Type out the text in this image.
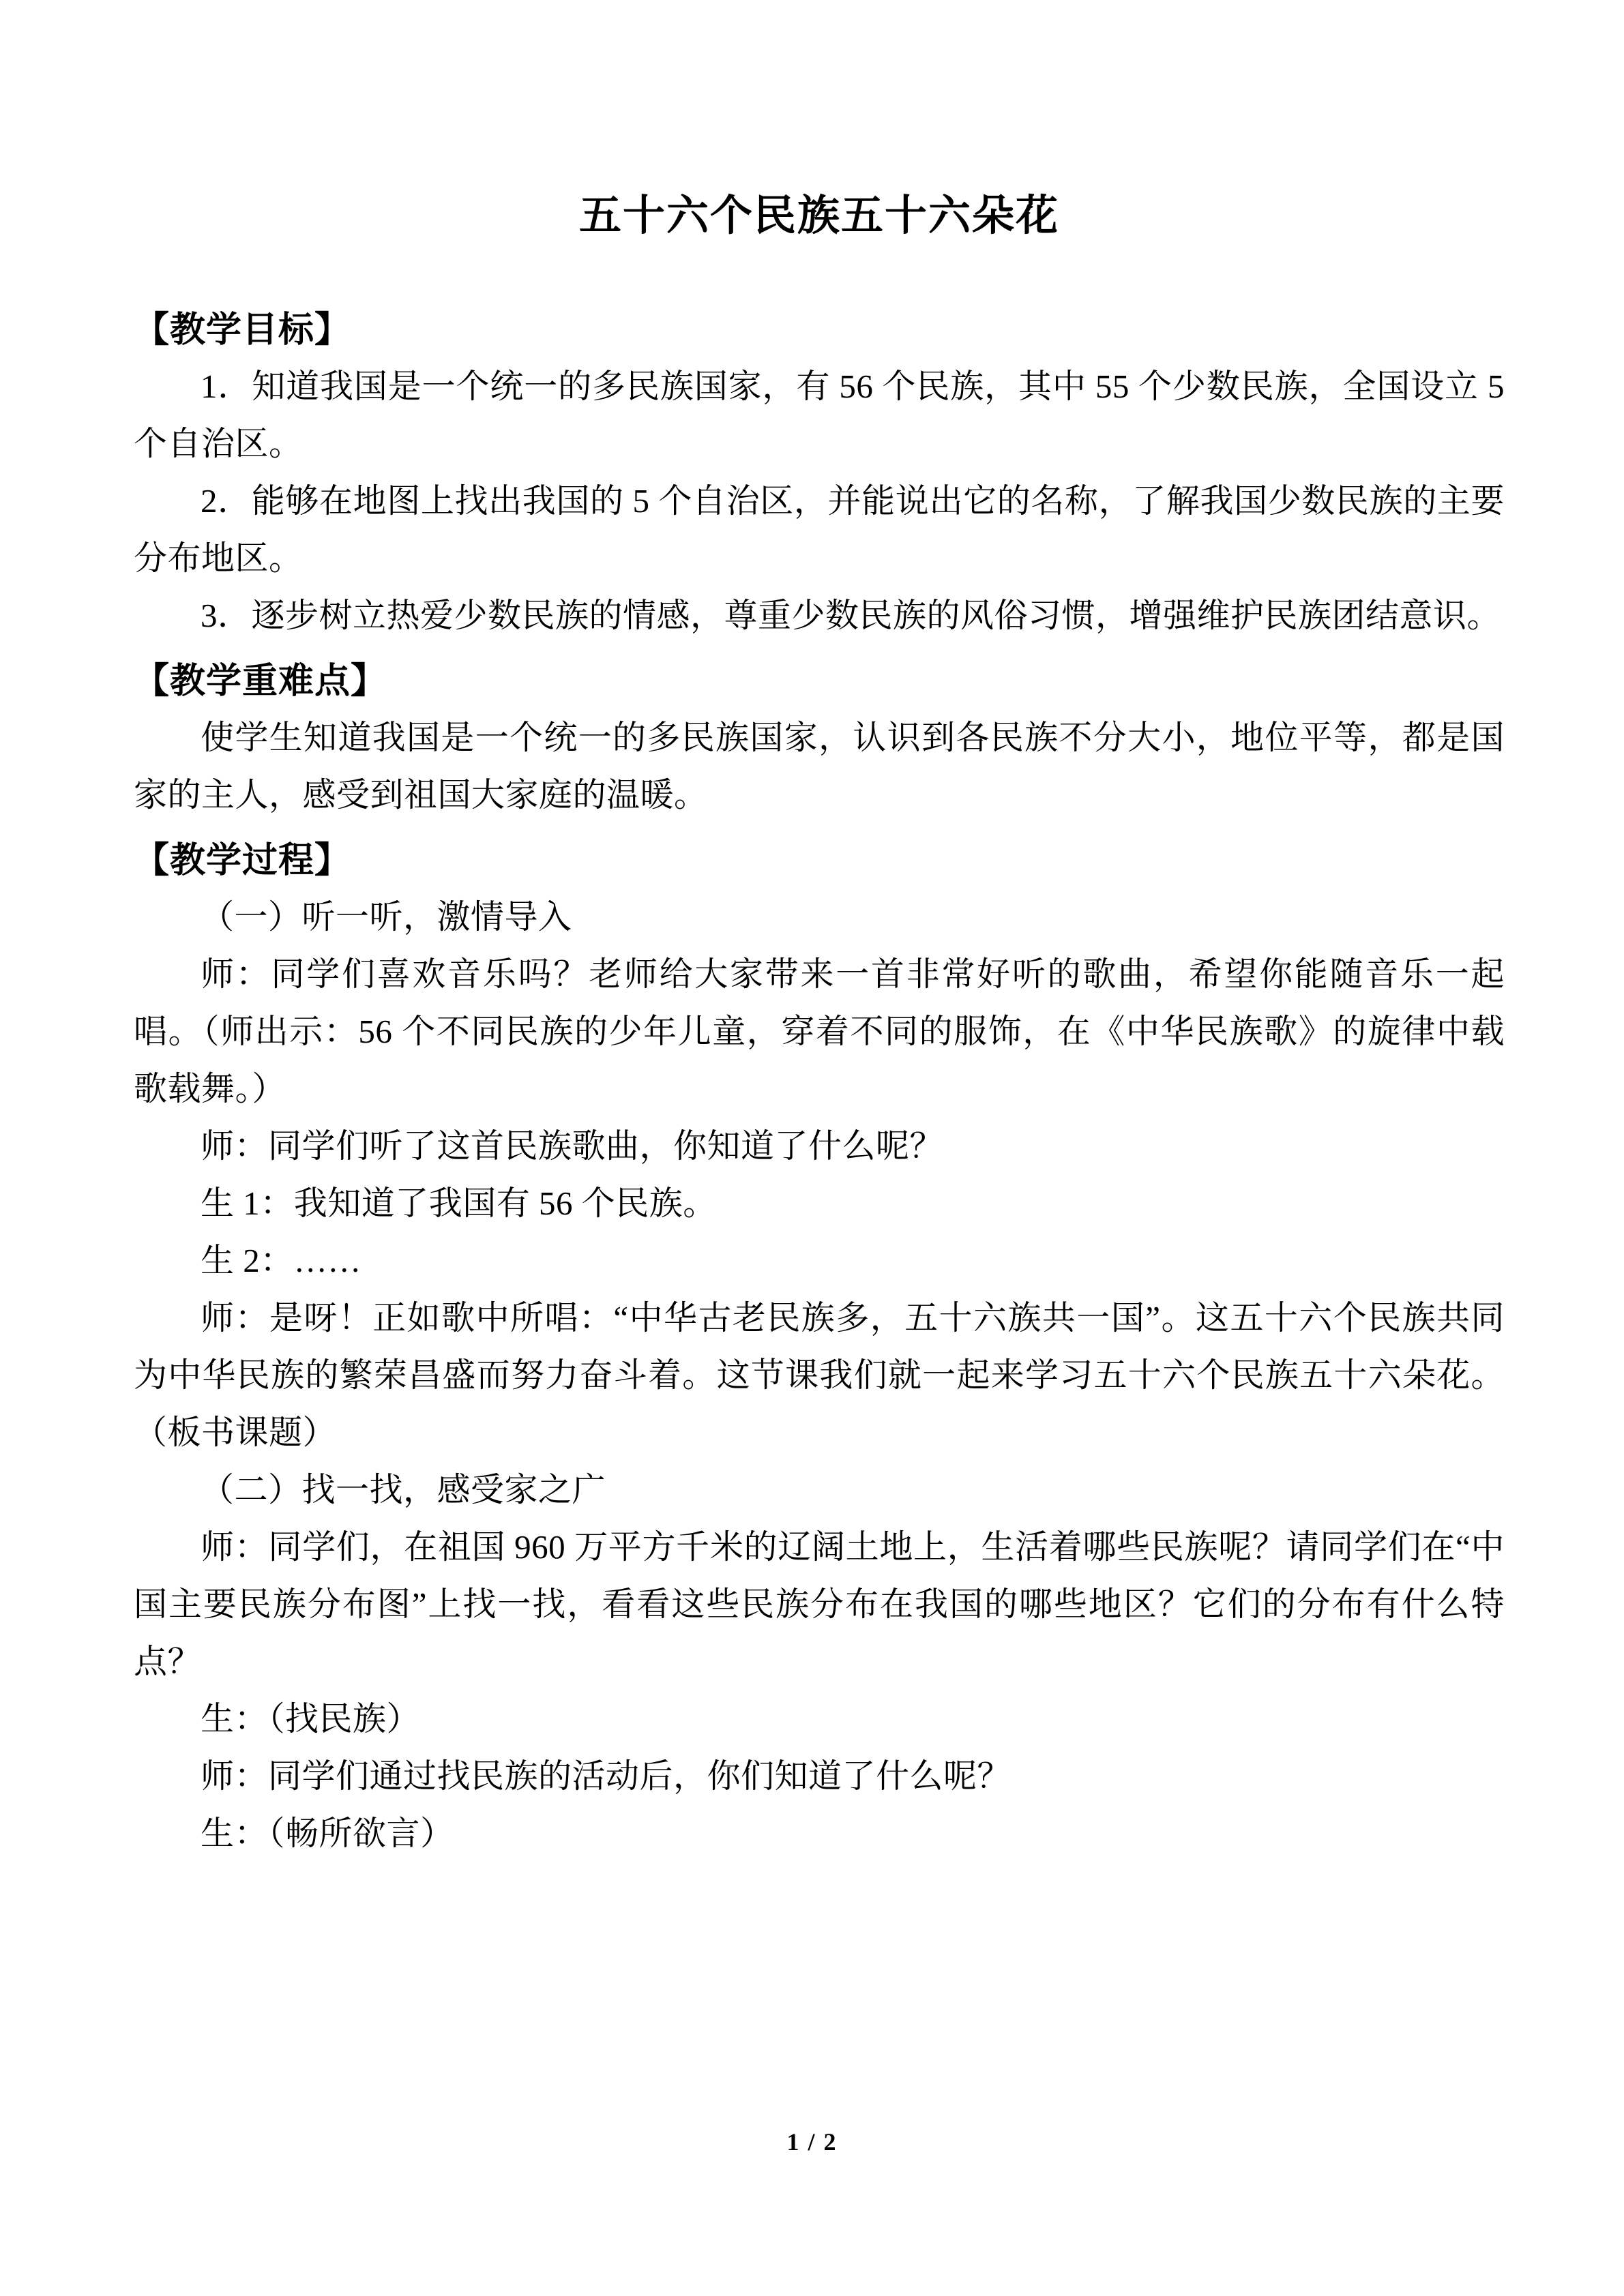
五十六个民族五十六朵花
【教学目标】

1．知道我国是一个统一的多民族国家，有 56 个民族，其中 55 个少数民族，全国设立 5 个自治区。

2．能够在地图上找出我国的 5 个自治区，并能说出它的名称，了解我国少数民族的主要分布地区。

3．逐步树立热爱少数民族的情感，尊重少数民族的风俗习惯，增强维护民族团结意识。

【教学重难点】

使学生知道我国是一个统一的多民族国家，认识到各民族不分大小，地位平等，都是国家的主人，感受到祖国大家庭的温暖。

【教学过程】

（一）听一听，激情导入

师：同学们喜欢音乐吗？老师给大家带来一首非常好听的歌曲，希望你能随音乐一起唱。（师出示：56 个不同民族的少年儿童，穿着不同的服饰，在《中华民族歌》的旋律中载歌载舞。）

师：同学们听了这首民族歌曲，你知道了什么呢？

生 1：我知道了我国有 56 个民族。

生 2：……

师：是呀！正如歌中所唱：“中华古老民族多，五十六族共一国”。这五十六个民族共同为中华民族的繁荣昌盛而努力奋斗着。这节课我们就一起来学习五十六个民族五十六朵花。（板书课题）

（二）找一找，感受家之广

师：同学们，在祖国 960 万平方千米的辽阔土地上，生活着哪些民族呢？请同学们在“中国主要民族分布图”上找一找，看看这些民族分布在我国的哪些地区？它们的分布有什么特点？

生：（找民族）

师：同学们通过找民族的活动后，你们知道了什么呢？

生：（畅所欲言）

1 / 2
